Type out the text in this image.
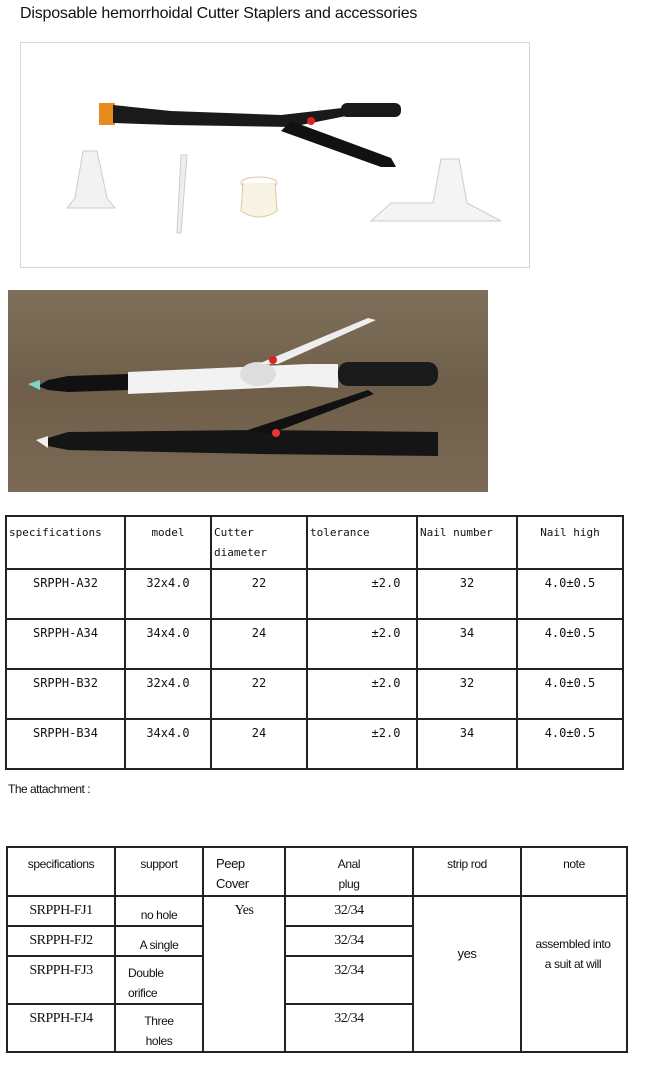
Disposable hemorrhoidal Cutter Staplers and accessories
specifications	model	Cutter diameter	tolerance	Nail number	Nail high
SRPPH-A32	32x4.0	22	±2.0	32	4.0±0.5
SRPPH-A34	34x4.0	24	±2.0	34	4.0±0.5
SRPPH-B32	32x4.0	22	±2.0	32	4.0±0.5
SRPPH-B34	34x4.0	24	±2.0	34	4.0±0.5
The attachment :
specifications	support	Peep Cover	Anal plug	strip rod	note
SRPPH-FJ1	no hole	Yes	32/34	yes	assembled into a suit at will
SRPPH-FJ2	A single		32/34		
SRPPH-FJ3	Double orifice		32/34		
SRPPH-FJ4	Three holes		32/34		
